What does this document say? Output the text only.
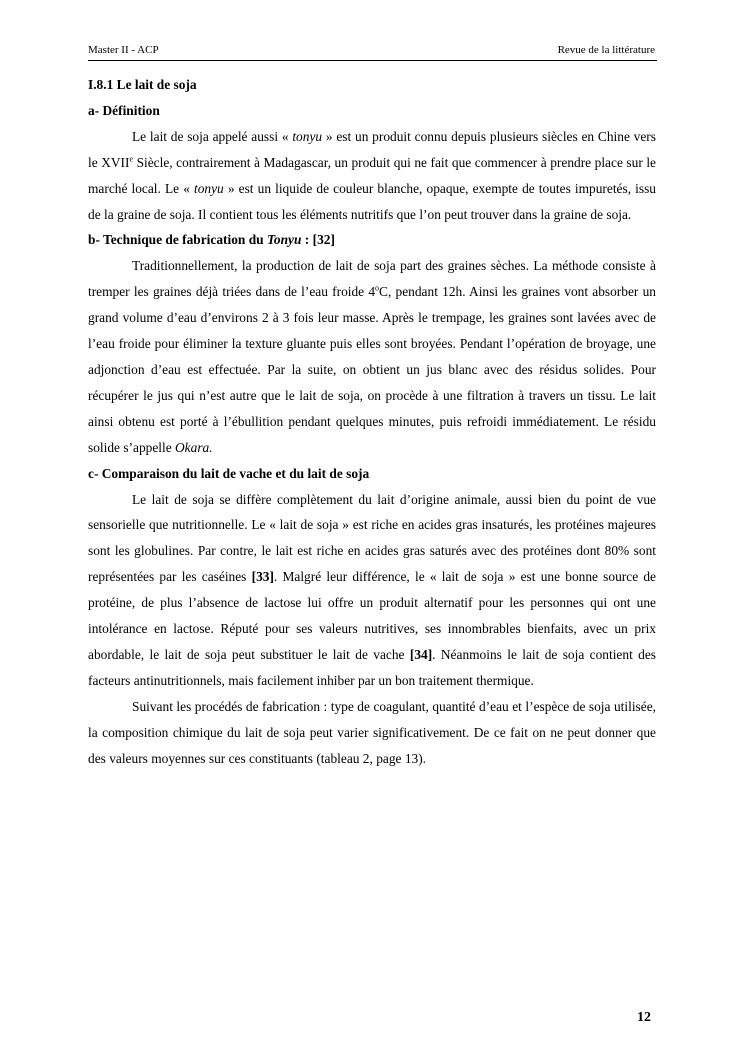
Master II - ACP	Revue de la littérature
I.8.1 Le lait de soja
a- Définition

Le lait de soja appelé aussi « tonyu » est un produit connu depuis plusieurs siècles en Chine vers le XVIIe Siècle, contrairement à Madagascar, un produit qui ne fait que commencer à prendre place sur le marché local. Le « tonyu » est un liquide de couleur blanche, opaque, exempte de toutes impuretés, issu de la graine de soja. Il contient tous les éléments nutritifs que l’on peut trouver dans la graine de soja.

b- Technique de fabrication du Tonyu : [32]

Traditionnellement, la production de lait de soja part des graines sèches. La méthode consiste à tremper les graines déjà triées dans de l’eau froide 4$^o$C, pendant 12h. Ainsi les graines vont absorber un grand volume d’eau d’environs 2 à 3 fois leur masse. Après le trempage, les graines sont lavées avec de l’eau froide pour éliminer la texture gluante puis elles sont broyées. Pendant l’opération de broyage, une adjonction d’eau est effectuée. Par la suite, on obtient un jus blanc avec des résidus solides. Pour récupérer le jus qui n’est autre que le lait de soja, on procède à une filtration à travers un tissu. Le lait ainsi obtenu est porté à l’ébullition pendant quelques minutes, puis refroidi immédiatement. Le résidu solide s’appelle Okara.

c- Comparaison du lait de vache et du lait de soja

Le lait de soja se diffère complètement du lait d’origine animale, aussi bien du point de vue sensorielle que nutritionnelle. Le « lait de soja » est riche en acides gras insaturés, les protéines majeures sont les globulines. Par contre, le lait est riche en acides gras saturés avec des protéines dont 80% sont représentées par les caséines [33]. Malgré leur différence, le « lait de soja » est une bonne source de protéine, de plus l’absence de lactose lui offre un produit alternatif pour les personnes qui ont une intolérance en lactose. Réputé pour ses valeurs nutritives, ses innombrables bienfaits, avec un prix abordable, le lait de soja peut substituer le lait de vache [34]. Néanmoins le lait de soja contient des facteurs antinutritionnels, mais facilement inhiber par un bon traitement thermique.

Suivant les procédés de fabrication : type de coagulant, quantité d’eau et l’espèce de soja utilisée, la composition chimique du lait de soja peut varier significativement. De ce fait on ne peut donner que des valeurs moyennes sur ces constituants (tableau 2, page 13).

12
